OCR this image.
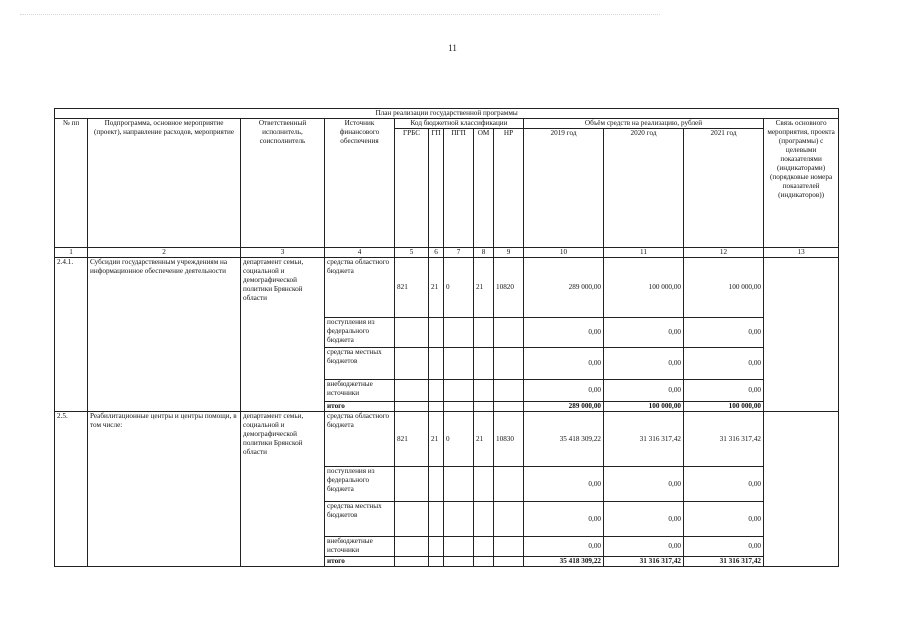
11
План реализации государственной программы												
№ пп	Подпрограмма, основное мероприятие (проект), направление расходов, мероприятие	Ответственный исполнитель, соисполнитель	Источник финансового обеспечения	Код бюджетной классификации					Объём средств на реализацию, рублей			Связь основного мероприятия, проекта (программы) с целевыми показателями (индикаторами) (порядковые номера показателей (индикаторов))
				ГРБС	ГП	ПГП	ОМ	НР	2019 год	2020 год	2021 год	
1	2	3	4	5	6	7	8	9	10	11	12	13
2.4.1.	Субсидии государственным учреждениям на информационное обеспечение деятельности	департамент семьи, социальной и демографической политики Брянской области	средства областного бюджета	821	21	0	21	10820	289 000,00	100 000,00	100 000,00	
			поступления из федерального бюджета						0,00	0,00	0,00	
			средства местных бюджетов						0,00	0,00	0,00	
			внебюджетные источники						0,00	0,00	0,00	
			итого						289 000,00	100 000,00	100 000,00	
2.5.	Реабилитационные центры и центры помощи, в том числе:	департамент семьи, социальной и демографической политики Брянской области	средства областного бюджета	821	21	0	21	10830	35 418 309,22	31 316 317,42	31 316 317,42	
			поступления из федерального бюджета						0,00	0,00	0,00	
			средства местных бюджетов						0,00	0,00	0,00	
			внебюджетные источники						0,00	0,00	0,00	
			итого						35 418 309,22	31 316 317,42	31 316 317,42	
